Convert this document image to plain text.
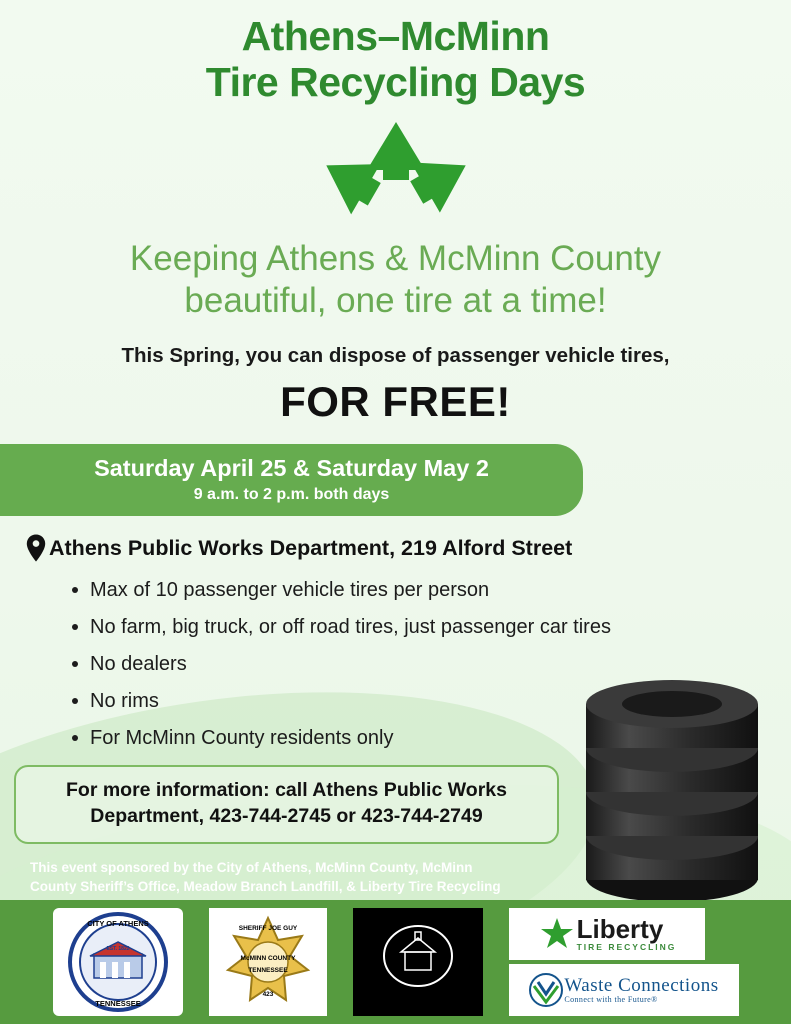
Athens–McMinn
Tire Recycling Days
Keeping Athens & McMinn County
beautiful, one tire at a time!
This Spring, you can dispose of passenger vehicle tires,
FOR FREE!
Saturday April 25 & Saturday May 2
9 a.m. to 2 p.m. both days
Athens Public Works Department, 219 Alford Street
Max of 10 passenger vehicle tires per person
No farm, big truck, or off road tires, just passenger car tires
No dealers
No rims
For McMinn County residents only
For more information: call Athens Public Works
Department, 423-744-2745 or 423-744-2749
This event sponsored by the City of Athens, McMinn County, McMinn
County Sheriff’s Office, Meadow Branch Landfill, & Liberty Tire Recycling
CITY OF ATHENS
TENNESSEE
EST. 1822
SHERIFF JOE GUY
McMINN COUNTY
TENNESSEE
423
McMINN COUNTY
200 years
Liberty
TIRE RECYCLING
Waste Connections
Connect with the Future®
